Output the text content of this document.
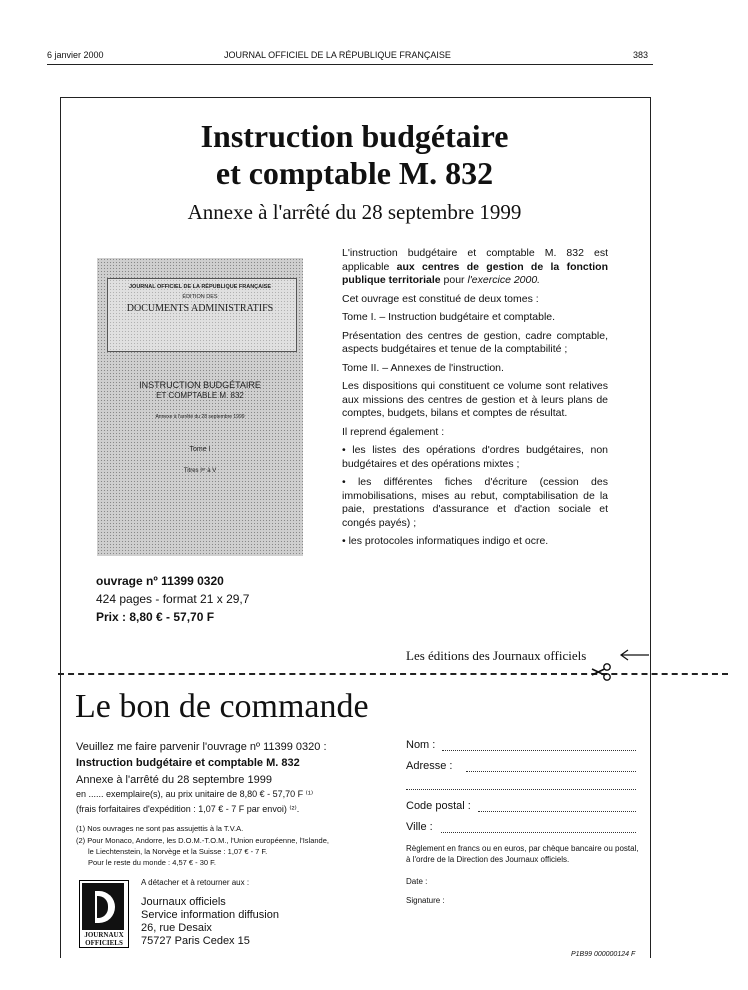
6 janvier 2000	JOURNAL OFFICIEL DE LA RÉPUBLIQUE FRANÇAISE	383
Instruction budgétaire
et comptable M. 832
Annexe à l'arrêté du 28 septembre 1999
JOURNAL OFFICIEL DE LA RÉPUBLIQUE FRANÇAISE
ÉDITION DES
DOCUMENTS ADMINISTRATIFS
INSTRUCTION BUDGÉTAIRE
ET COMPTABLE M. 832
Annexe à l'arrêté du 28 septembre 1999
Tome I
Titres Iᵉʳ à V

L'instruction budgétaire et comptable M. 832 est applicable aux centres de gestion de la fonction publique territoriale pour l'exercice 2000.

Cet ouvrage est constitué de deux tomes :

Tome I. – Instruction budgétaire et comptable.

Présentation des centres de gestion, cadre comptable, aspects budgétaires et tenue de la comptabilité ;

Tome II. – Annexes de l'instruction.

Les dispositions qui constituent ce volume sont relatives aux missions des centres de gestion et à leurs plans de comptes, budgets, bilans et comptes de résultat.

Il reprend également :

• les listes des opérations d'ordres budgétaires, non budgétaires et des opérations mixtes ;

• les différentes fiches d'écriture (cession des immobilisations, mises au rebut, comptabilisation de la paie, prestations d'assurance et d'action sociale et congés payés) ;

• les protocoles informatiques indigo et ocre.

ouvrage nº 11399 0320
424 pages - format 21 x 29,7
Prix : 8,80 € - 57,70 F
Les éditions des Journaux officiels
Le bon de commande
Veuillez me faire parvenir l'ouvrage nº 11399 0320 :
Instruction budgétaire et comptable M. 832
Annexe à l'arrêté du 28 septembre 1999
en ...... exemplaire(s), au prix unitaire de 8,80 € - 57,70 F ⁽¹⁾
(frais forfaitaires d'expédition : 1,07 € - 7 F par envoi) ⁽²⁾.
(1) Nos ouvrages ne sont pas assujettis à la T.V.A.
(2) Pour Monaco, Andorre, les D.O.M.-T.O.M., l'Union européenne, l'Islande,
le Liechtenstein, la Norvège et la Suisse : 1,07 € - 7 F.
Pour le reste du monde : 4,57 € - 30 F.
Nom :
Adresse :
Code postal :
Ville :
Règlement en francs ou en euros, par chèque bancaire ou postal, à l'ordre de la Direction des Journaux officiels.
Date :
Signature :
A détacher et à retourner aux :
Journaux officiels
Service information diffusion
26, rue Desaix
75727 Paris Cedex 15
JOURNAUX
OFFICIELS
P1B99 000000124 F
